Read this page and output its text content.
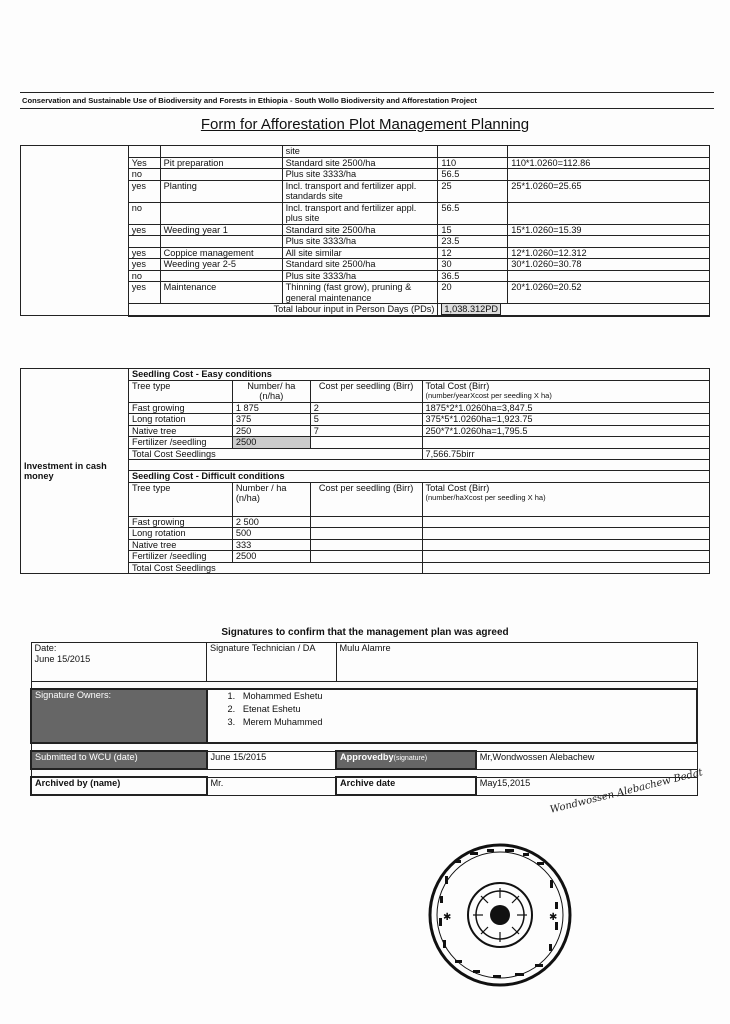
Conservation and Sustainable Use of Biodiversity and Forests in Ethiopia - South Wollo Biodiversity and Afforestation Project
Form for Afforestation Plot Management Planning
			site		
	Yes	Pit preparation	Standard site 2500/ha	110	110*1.0260=112.86
	no		Plus site 3333/ha	56.5	
	yes	Planting	Incl. transport and fertilizer appl. standards site	25	25*1.0260=25.65
	no		Incl. transport and fertilizer appl. plus site	56.5	
	yes	Weeding year 1	Standard site 2500/ha	15	15*1.0260=15.39
			Plus site 3333/ha	23.5	
	yes	Coppice management	All site similar	12	12*1.0260=12.312
	yes	Weeding year 2-5	Standard site 2500/ha	30	30*1.0260=30.78
	no		Plus site 3333/ha	36.5	
	yes	Maintenance	Thinning (fast grow), pruning & general maintenance	20	20*1.0260=20.52
	Total labour input in Person Days (PDs)			1,038.312PD	
Investment in cash money	Seedling Cost - Easy conditions			
	Tree type	Number/ ha (n/ha)	Cost per seedling (Birr)	Total Cost (Birr)
(number/yearXcost per seedling X ha)

	Fast growing	1 875	2	1875*2*1.0260ha=3,847.5
	Long rotation	375	5	375*5*1.0260ha=1,923.75
	Native tree	250	7	250*7*1.0260ha=1,795.5
	Fertilizer /seedling	2500		
	Total Cost Seedlings			7,566.75birr

	Seedling Cost - Difficult conditions			
	Tree type	Number / ha (n/ha)	Cost per seedling (Birr)	Total Cost (Birr)
(number/haXcost per seedling X ha)

	Fast growing	2 500		
	Long rotation	500		
	Native tree	333		
	Fertilizer /seedling	2500		
	Total Cost Seedlings			
Signatures to confirm that the management plan was agreed
Date:
June 15/2015	Signature Technician / DA	Mulu Alamre	

Signature Owners:	1.   Mohammed Eshetu
2.   Etenat Eshetu
3.   Merem Muhammed		

Submitted to WCU (date)	June 15/2015	Approvedby(signature)	Mr,Wondwossen Alebachew

Archived by (name)	Mr.	Archive date	May15,2015 Wondwossen Alebachew Bedat
✱	✱
